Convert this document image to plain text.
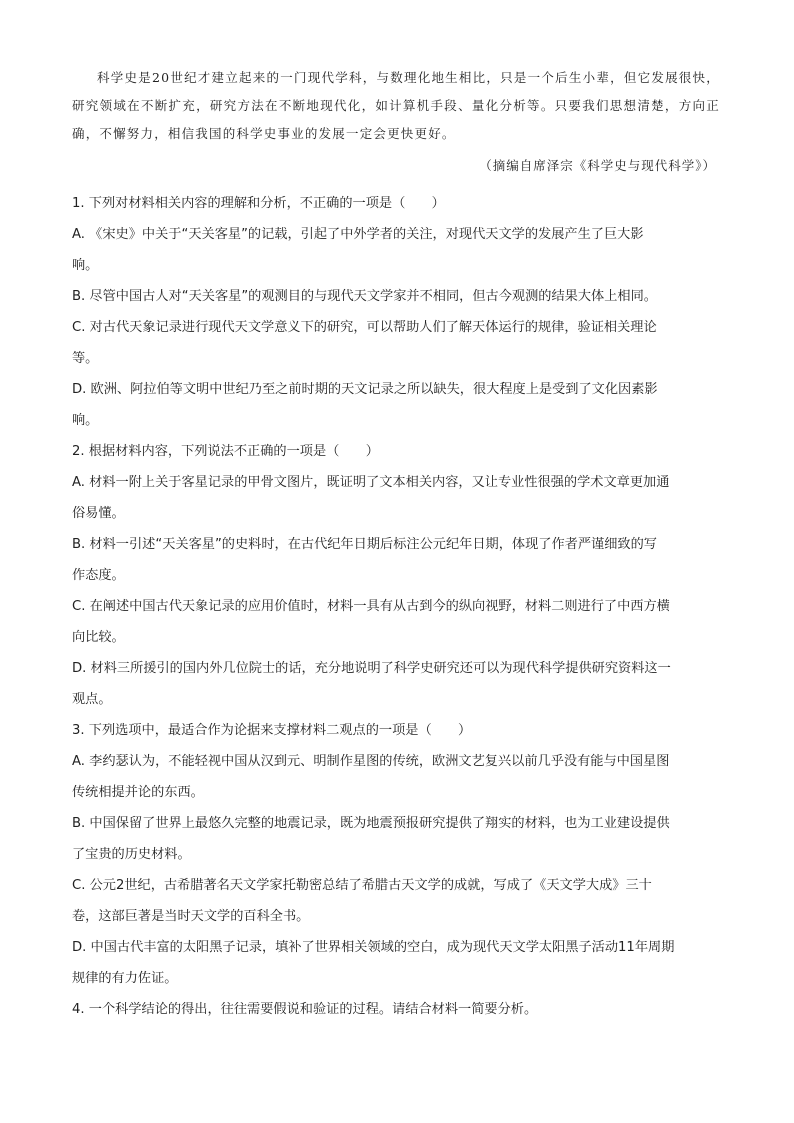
科学史是20世纪才建立起来的一门现代学科，与数理化地生相比，只是一个后生小辈，但它发展很快，研究领域在不断扩充，研究方法在不断地现代化，如计算机手段、量化分析等。只要我们思想清楚，方向正确，不懈努力，相信我国的科学史事业的发展一定会更快更好。

（摘编自席泽宗《科学史与现代科学》）
1. 下列对材料相关内容的理解和分析，不正确的一项是（　　）
A. 《宋史》中关于“天关客星”的记载，引起了中外学者的关注，对现代天文学的发展产生了巨大影
响。
B. 尽管中国古人对“天关客星”的观测目的与现代天文学家并不相同，但古今观测的结果大体上相同。
C. 对古代天象记录进行现代天文学意义下的研究，可以帮助人们了解天体运行的规律，验证相关理论
等。
D. 欧洲、阿拉伯等文明中世纪乃至之前时期的天文记录之所以缺失，很大程度上是受到了文化因素影
响。
2. 根据材料内容，下列说法不正确的一项是（　　）
A. 材料一附上关于客星记录的甲骨文图片，既证明了文本相关内容，又让专业性很强的学术文章更加通
俗易懂。
B. 材料一引述“天关客星”的史料时，在古代纪年日期后标注公元纪年日期，体现了作者严谨细致的写
作态度。
C. 在阐述中国古代天象记录的应用价值时，材料一具有从古到今的纵向视野，材料二则进行了中西方横
向比较。
D. 材料三所援引的国内外几位院士的话，充分地说明了科学史研究还可以为现代科学提供研究资料这一
观点。
3. 下列选项中，最适合作为论据来支撑材料二观点的一项是（　　）
A. 李约瑟认为，不能轻视中国从汉到元、明制作星图的传统，欧洲文艺复兴以前几乎没有能与中国星图
传统相提并论的东西。
B. 中国保留了世界上最悠久完整的地震记录，既为地震预报研究提供了翔实的材料，也为工业建设提供
了宝贵的历史材料。
C. 公元2世纪，古希腊著名天文学家托勒密总结了希腊古天文学的成就，写成了《天文学大成》三十
卷，这部巨著是当时天文学的百科全书。
D. 中国古代丰富的太阳黑子记录，填补了世界相关领域的空白，成为现代天文学太阳黑子活动11年周期
规律的有力佐证。
4. 一个科学结论的得出，往往需要假说和验证的过程。请结合材料一简要分析。
